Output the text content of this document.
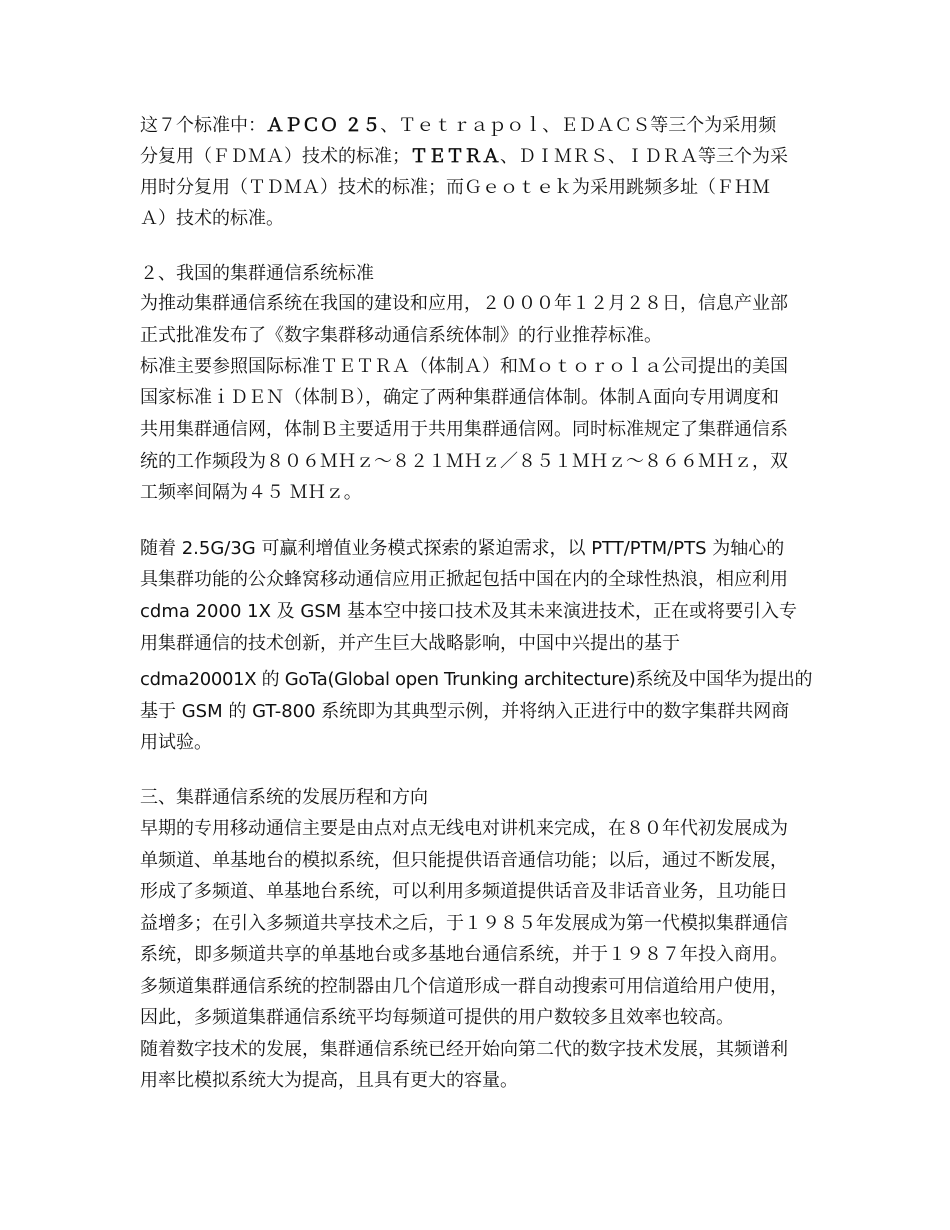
这７个标准中：ＡＰＣＯ ２５、Ｔｅｔｒａｐｏｌ、ＥＤＡＣＳ等三个为采用频
分复用（ＦＤＭＡ）技术的标准；ＴＥＴＲＡ、ＤＩＭＲＳ、ＩＤＲＡ等三个为采
用时分复用（ＴＤＭＡ）技术的标准；而Ｇｅｏｔｅｋ为采用跳频多址（ＦＨＭ
Ａ）技术的标准。
２、我国的集群通信系统标准
为推动集群通信系统在我国的建设和应用，２０００年１２月２８日，信息产业部
正式批准发布了《数字集群移动通信系统体制》的行业推荐标准。
标准主要参照国际标准ＴＥＴＲＡ（体制Ａ）和Ｍｏｔｏｒｏｌａ公司提出的美国
国家标准ｉＤＥＮ（体制Ｂ），确定了两种集群通信体制。体制Ａ面向专用调度和
共用集群通信网，体制Ｂ主要适用于共用集群通信网。同时标准规定了集群通信系
统的工作频段为８０６ＭＨｚ～８２１ＭＨｚ／８５１ＭＨｚ～８６６ＭＨｚ，双
工频率间隔为４５ ＭＨｚ。
随着 2.5G/3G 可赢利增值业务模式探索的紧迫需求，以 PTT/PTM/PTS 为轴心的
具集群功能的公众蜂窝移动通信应用正掀起包括中国在内的全球性热浪，相应利用
cdma 2000 1X 及 GSM 基本空中接口技术及其未来演进技术，正在或将要引入专
用集群通信的技术创新，并产生巨大战略影响，中国中兴提出的基于
cdma20001X 的 GoTa(Global open Trunking architecture)系统及中国华为提出的
基于 GSM 的 GT-800 系统即为其典型示例，并将纳入正进行中的数字集群共网商
用试验。
三、集群通信系统的发展历程和方向
早期的专用移动通信主要是由点对点无线电对讲机来完成，在８０年代初发展成为
单频道、单基地台的模拟系统，但只能提供语音通信功能；以后，通过不断发展，
形成了多频道、单基地台系统，可以利用多频道提供话音及非话音业务，且功能日
益增多；在引入多频道共享技术之后，于１９８５年发展成为第一代模拟集群通信
系统，即多频道共享的单基地台或多基地台通信系统，并于１９８７年投入商用。
多频道集群通信系统的控制器由几个信道形成一群自动搜索可用信道给用户使用，
因此，多频道集群通信系统平均每频道可提供的用户数较多且效率也较高。
随着数字技术的发展，集群通信系统已经开始向第二代的数字技术发展，其频谱利
用率比模拟系统大为提高，且具有更大的容量。
